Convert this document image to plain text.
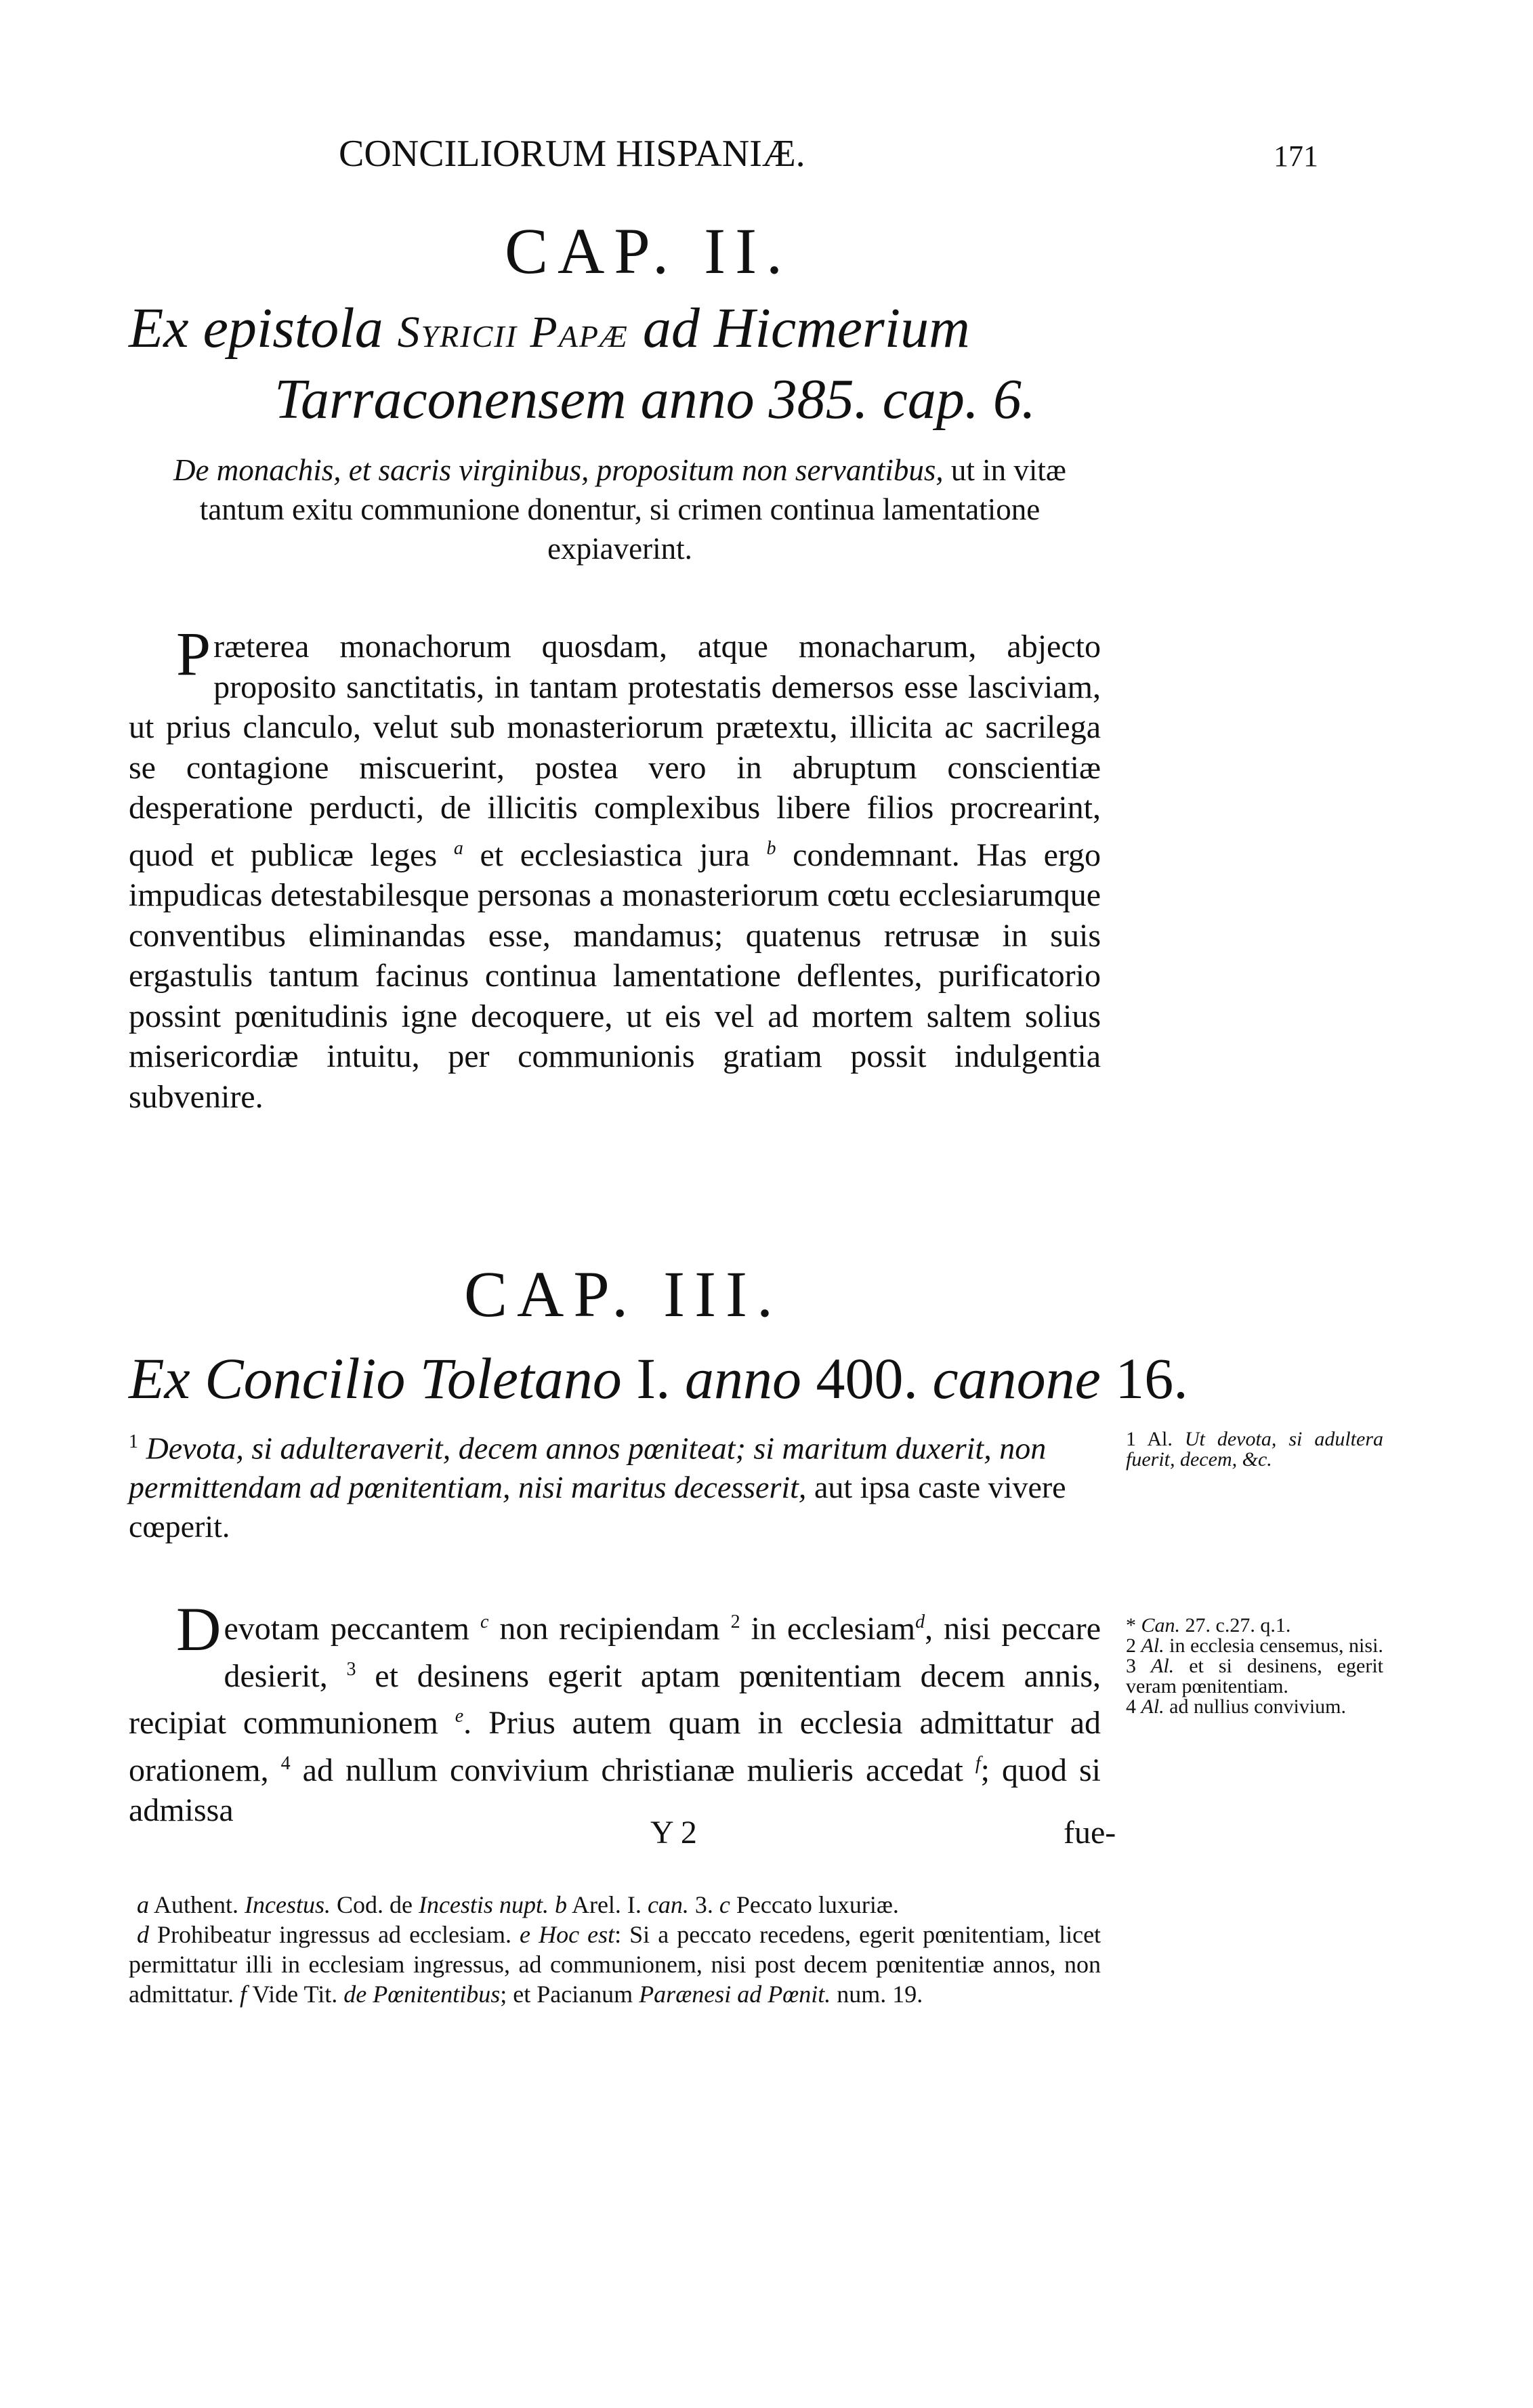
CONCILIORUM HISPANIÆ.	171
CAP. II.
Ex epistola Syricii Papæ ad Hicmerium
Tarraconensem anno 385. cap. 6.
De monachis, et sacris virginibus, propositum non servantibus, ut in vitæ tantum exitu communione donentur, si crimen continua lamentatione expiaverint.
P ræterea monachorum quosdam, atque monacharum, abjecto proposito sanctitatis, in tantam protestatis demersos esse lasciviam, ut prius clanculo, velut sub monasteriorum prætextu, illicita ac sacrilega se contagione miscuerint, postea vero in abruptum conscientiæ desperatione perducti, de illicitis complexibus libere filios procrearint, quod et publicæ leges $^a$ et ecclesiastica jura $^b$ condemnant. Has ergo impudicas detestabilesque personas a monasteriorum cœtu ecclesiarumque conventibus eliminandas esse, mandamus; quatenus retrusæ in suis ergastulis tantum facinus continua lamentatione deflentes, purificatorio possint pœnitudinis igne decoquere, ut eis vel ad mortem saltem solius misericordiæ intuitu, per communionis gratiam possit indulgentia subvenire.
CAP. III.
Ex Concilio Toletano I. anno 400. canone 16.
$^1$ Devota, si adulteraverit, decem annos pœniteat; si maritum duxerit, non permittendam ad pœnitentiam, nisi maritus decesserit, aut ipsa caste vivere cœperit.
D evotam peccantem $^c$ non recipiendam $^2$ in ecclesiam$^d$, nisi peccare desierit, $^3$ et desinens egerit aptam pœnitentiam decem annis, recipiat communionem $^e$. Prius autem quam in ecclesia admittatur ad orationem, $^4$ ad nullum convivium christianæ mulieris accedat $^f$; quod si admissa

1 Al. Ut devota, si adultera fuerit, decem, &c.

* Can. 27. c.27. q.1.

2 Al. in ecclesia censemus, nisi.

3 Al. et si desinens, egerit veram pœnitentiam.

4 Al. ad nullius convivium.

Y 2	fue-

a Authent. Incestus. Cod. de Incestis nupt. b Arel. I. can. 3. c Peccato luxuriæ.

d Prohibeatur ingressus ad ecclesiam. e Hoc est: Si a peccato recedens, egerit pœnitentiam, licet permittatur illi in ecclesiam ingressus, ad communionem, nisi post decem pœnitentiæ annos, non admittatur. f Vide Tit. de Pœnitentibus; et Pacianum Parænesi ad Pœnit. num. 19.
